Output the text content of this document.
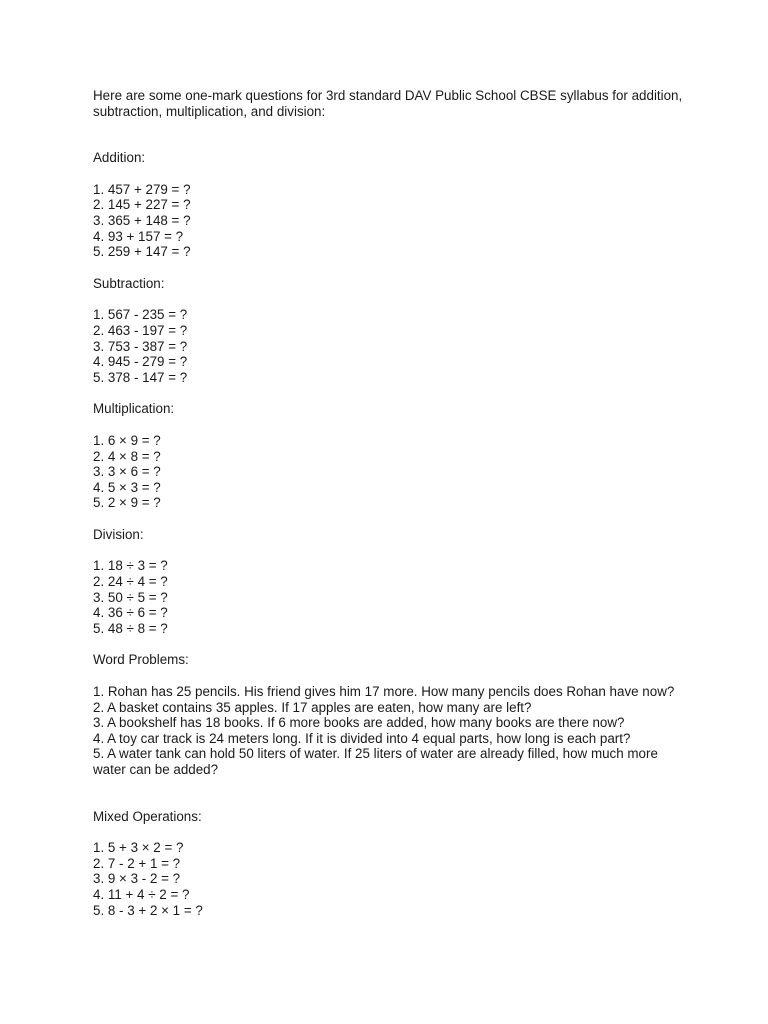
Here are some one-mark questions for 3rd standard DAV Public School CBSE syllabus for addition, subtraction, multiplication, and division:

Addition:

1. 457 + 279 = ?
2. 145 + 227 = ?
3. 365 + 148 = ?
4. 93 + 157 = ?
5. 259 + 147 = ?

Subtraction:

1. 567 - 235 = ?
2. 463 - 197 = ?
3. 753 - 387 = ?
4. 945 - 279 = ?
5. 378 - 147 = ?

Multiplication:

1. 6 × 9 = ?
2. 4 × 8 = ?
3. 3 × 6 = ?
4. 5 × 3 = ?
5. 2 × 9 = ?

Division:

1. 18 ÷ 3 = ?
2. 24 ÷ 4 = ?
3. 50 ÷ 5 = ?
4. 36 ÷ 6 = ?
5. 48 ÷ 8 = ?

Word Problems:

1. Rohan has 25 pencils. His friend gives him 17 more. How many pencils does Rohan have now?
2. A basket contains 35 apples. If 17 apples are eaten, how many are left?
3. A bookshelf has 18 books. If 6 more books are added, how many books are there now?
4. A toy car track is 24 meters long. If it is divided into 4 equal parts, how long is each part?
5. A water tank can hold 50 liters of water. If 25 liters of water are already filled, how much more water can be added?

Mixed Operations:

1. 5 + 3 × 2 = ?
2. 7 - 2 + 1 = ?
3. 9 × 3 - 2 = ?
4. 11 + 4 ÷ 2 = ?
5. 8 - 3 + 2 × 1 = ?
